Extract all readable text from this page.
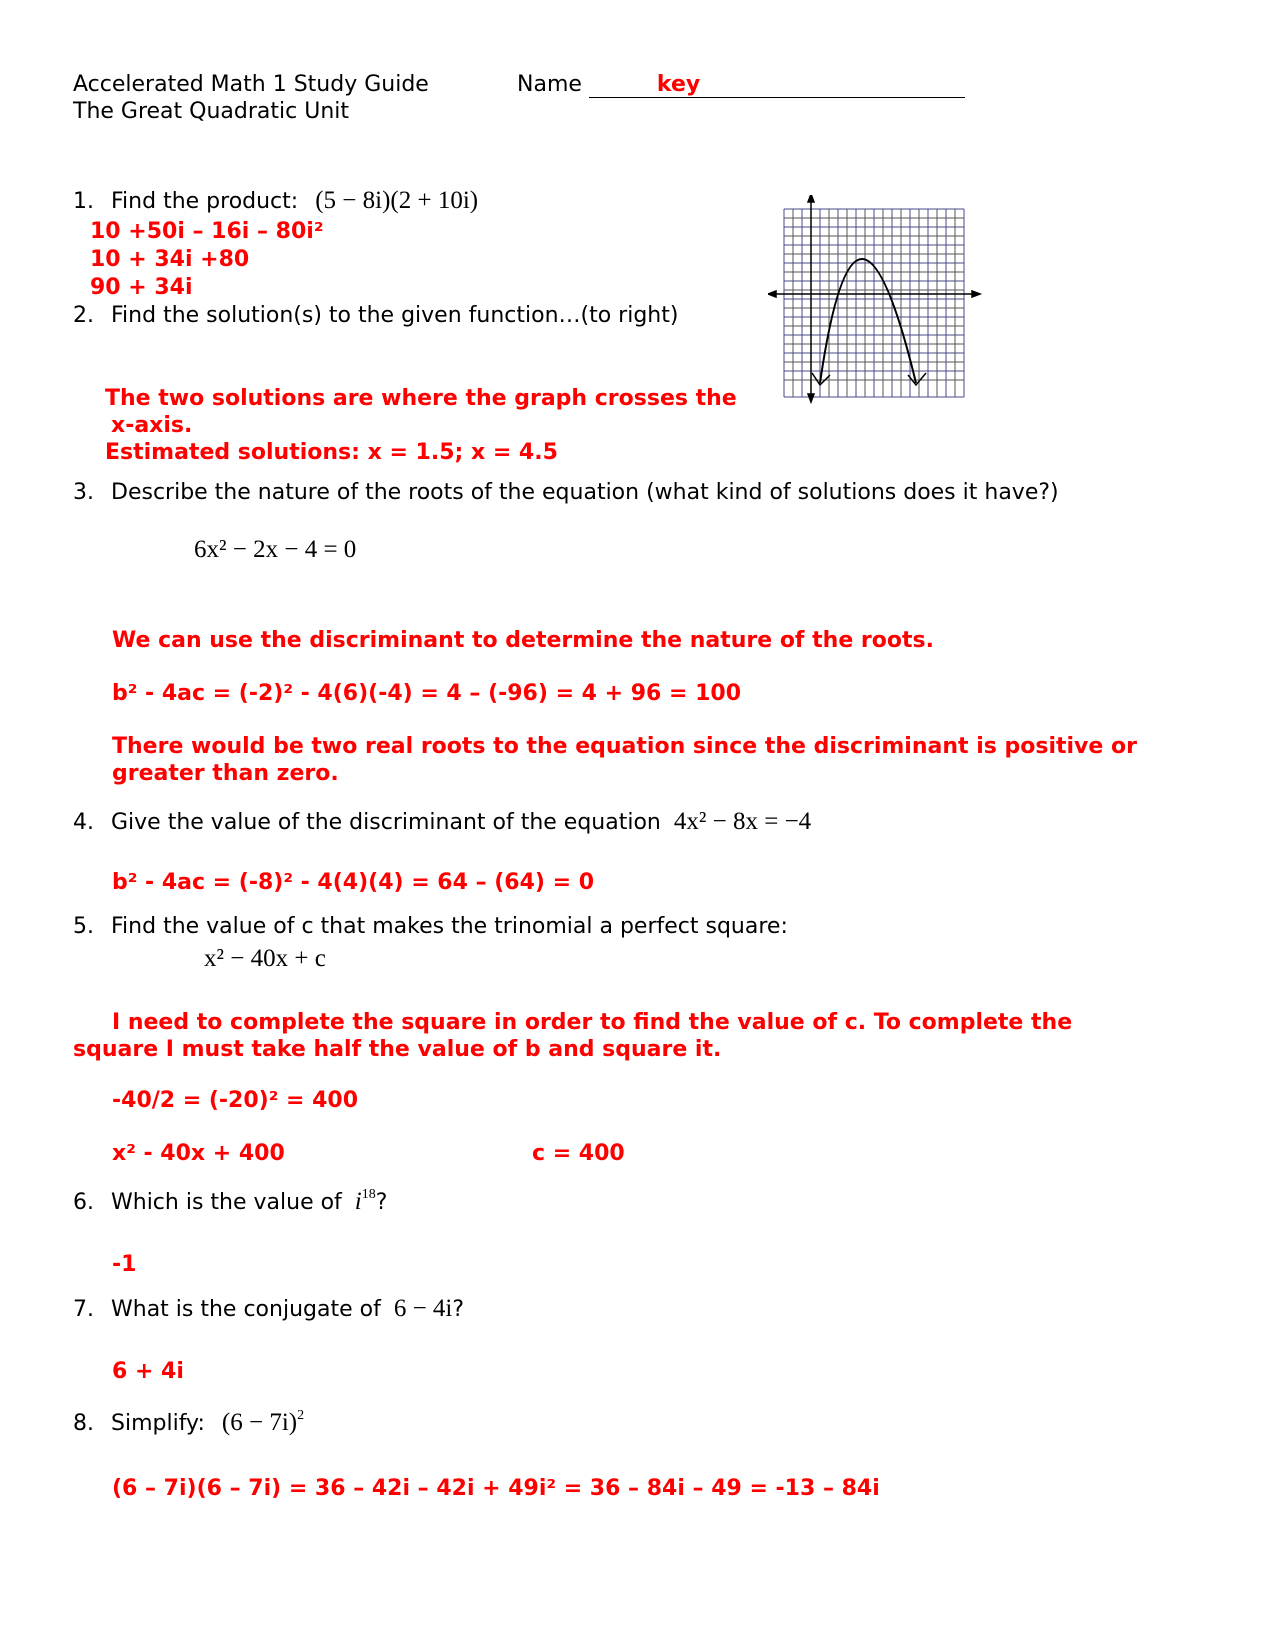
Accelerated Math 1 Study Guide
The Great Quadratic Unit
Name	key
1. Find the product: (5 − 8i)(2 + 10i)
10 +50i – 16i – 80i²
10 + 34i +80
90 + 34i
2. Find the solution(s) to the given function…(to right)
The two solutions are where the graph crosses the
x-axis.
Estimated solutions: x = 1.5; x = 4.5
3. Describe the nature of the roots of the equation (what kind of solutions does it have?)
6x² − 2x − 4 = 0
We can use the discriminant to determine the nature of the roots.
b² - 4ac = (-2)² - 4(6)(-4) = 4 – (-96) = 4 + 96 = 100
There would be two real roots to the equation since the discriminant is positive or
greater than zero.
4. Give the value of the discriminant of the equation 4x² − 8x = −4
b² - 4ac = (-8)² - 4(4)(4) = 64 – (64) = 0
5. Find the value of c that makes the trinomial a perfect square:
x² − 40x + c
I need to complete the square in order to find the value of c. To complete the
square I must take half the value of b and square it.
-40/2 = (-20)² = 400
x² - 40x + 400	c = 400
6. Which is the value of $i^{18}$?
-1
7. What is the conjugate of 6 − 4i?
6 + 4i
8. Simplify: $(6 - 7i)^2$
(6 – 7i)(6 – 7i) = 36 – 42i – 42i + 49i² = 36 – 84i – 49 = -13 – 84i
